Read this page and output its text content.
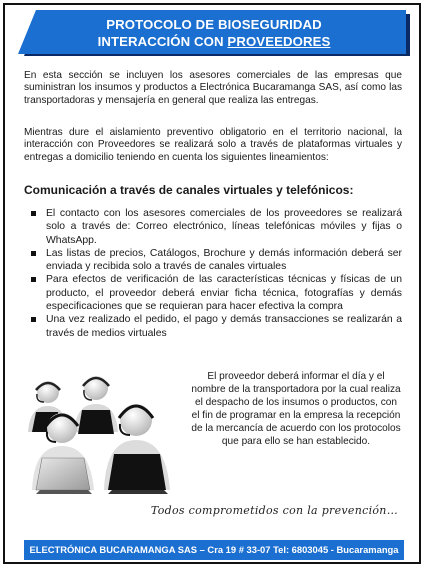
PROTOCOLO DE BIOSEGURIDAD
INTERACCIÓN CON PROVEEDORES

En esta sección se incluyen los asesores comerciales de las empresas que suministran los insumos y productos a Electrónica Bucaramanga SAS, así como las transportadoras y mensajería en general que realiza las entregas.

Mientras dure el aislamiento preventivo obligatorio en el territorio nacional, la interacción con Proveedores se realizará solo a través de plataformas virtuales y entregas a domicilio teniendo en cuenta los siguientes lineamientos:

Comunicación a través de canales virtuales y telefónicos:

El contacto con los asesores comerciales de los proveedores se realizará solo a través de: Correo electrónico, líneas telefónicas móviles y fijas o WhatsApp.
Las listas de precios, Catálogos, Brochure y demás información deberá ser enviada y recibida solo a través de canales virtuales
Para efectos de verificación de las características técnicas y físicas de un producto, el proveedor deberá enviar ficha técnica, fotografías y demás especificaciones que se requieran para hacer efectiva la compra
Una vez realizado el pedido, el pago y demás transacciones se realizarán a través de medios virtuales

El proveedor deberá informar el día y el nombre de la transportadora por la cual realiza el despacho de los insumos o productos, con el fin de programar en la empresa la recepción de la mercancía de acuerdo con los protocolos que para ello se han establecido.

Todos comprometidos con la prevención…
ELECTRÓNICA BUCARAMANGA SAS – Cra 19 # 33-07 Tel: 6803045 - Bucaramanga
